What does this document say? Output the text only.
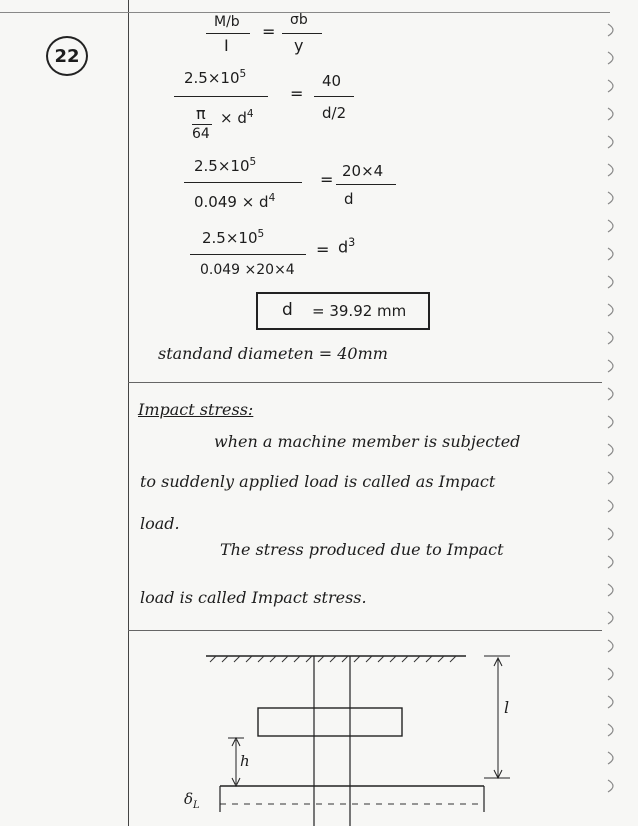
22
M/b
I
=
σb
y
$2.5\times 10^5$
π
64
× $d^4$
=
40
d/2
$2.5\times 10^5$
$0.049 \times d^4$
= 20×4
d
$2.5\times 10^5$
0.049 ×20×4
= $d^3$
d = 39.92 mm
standand diameten = 40mm
Impact stress:
when a machine member is subjected
to suddenly applied load is called as Impact
load.
The stress produced due to Impact
load is called Impact stress.
l
h
$\delta_L$
